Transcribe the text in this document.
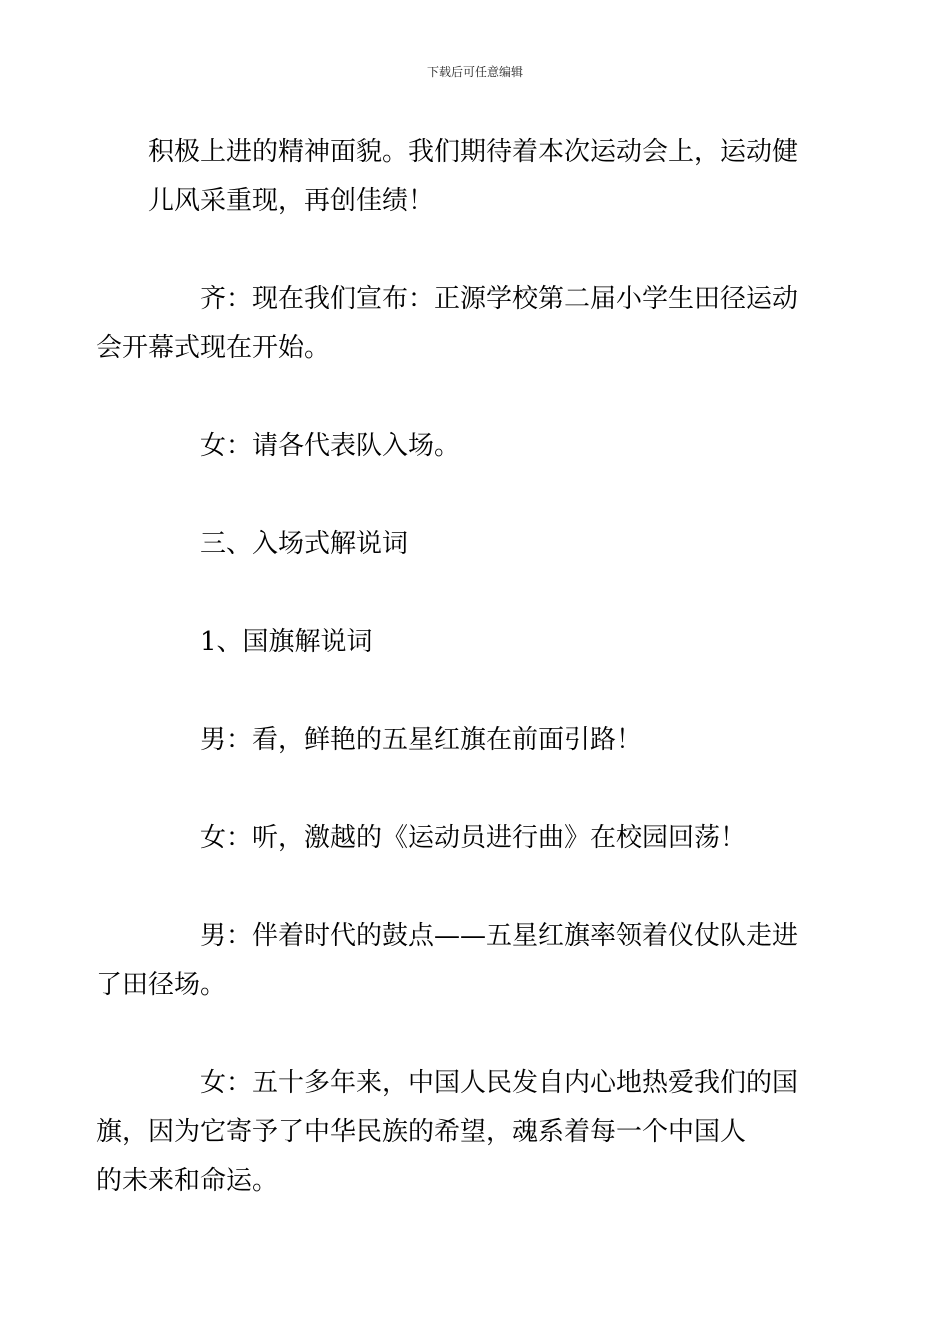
下载后可任意编辑
积极上进的精神面貌。我们期待着本次运动会上，运动健
儿风采重现，再创佳绩！
齐：现在我们宣布：正源学校第二届小学生田径运动
会开幕式现在开始。
女：请各代表队入场。
三、入场式解说词
1、国旗解说词
男：看，鲜艳的五星红旗在前面引路！
女：听，激越的《运动员进行曲》在校园回荡！
男：伴着时代的鼓点——五星红旗率领着仪仗队走进
了田径场。
女：五十多年来，中国人民发自内心地热爱我们的国
旗，因为它寄予了中华民族的希望，魂系着每一个中国人
的未来和命运。
